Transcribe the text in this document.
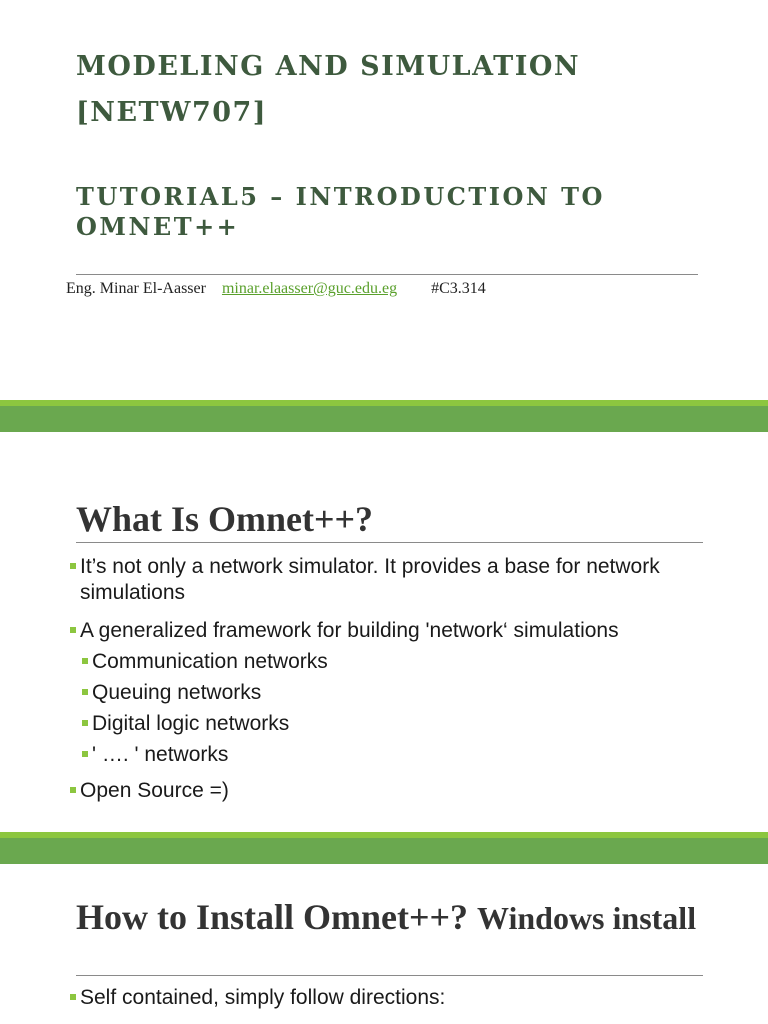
MODELING AND SIMULATION
[NETW707]
TUTORIAL5 – INTRODUCTION TO
OMNET++
Eng. Minar El-Aasser minar.elaasser@guc.edu.eg #C3.314
What Is Omnet++?
It’s not only a network simulator. It provides a base for network simulations
A generalized framework for building 'network‘ simulations
Communication networks
Queuing networks
Digital logic networks
' …. ' networks
Open Source =)
How to Install Omnet++? Windows install
Self contained, simply follow directions:
